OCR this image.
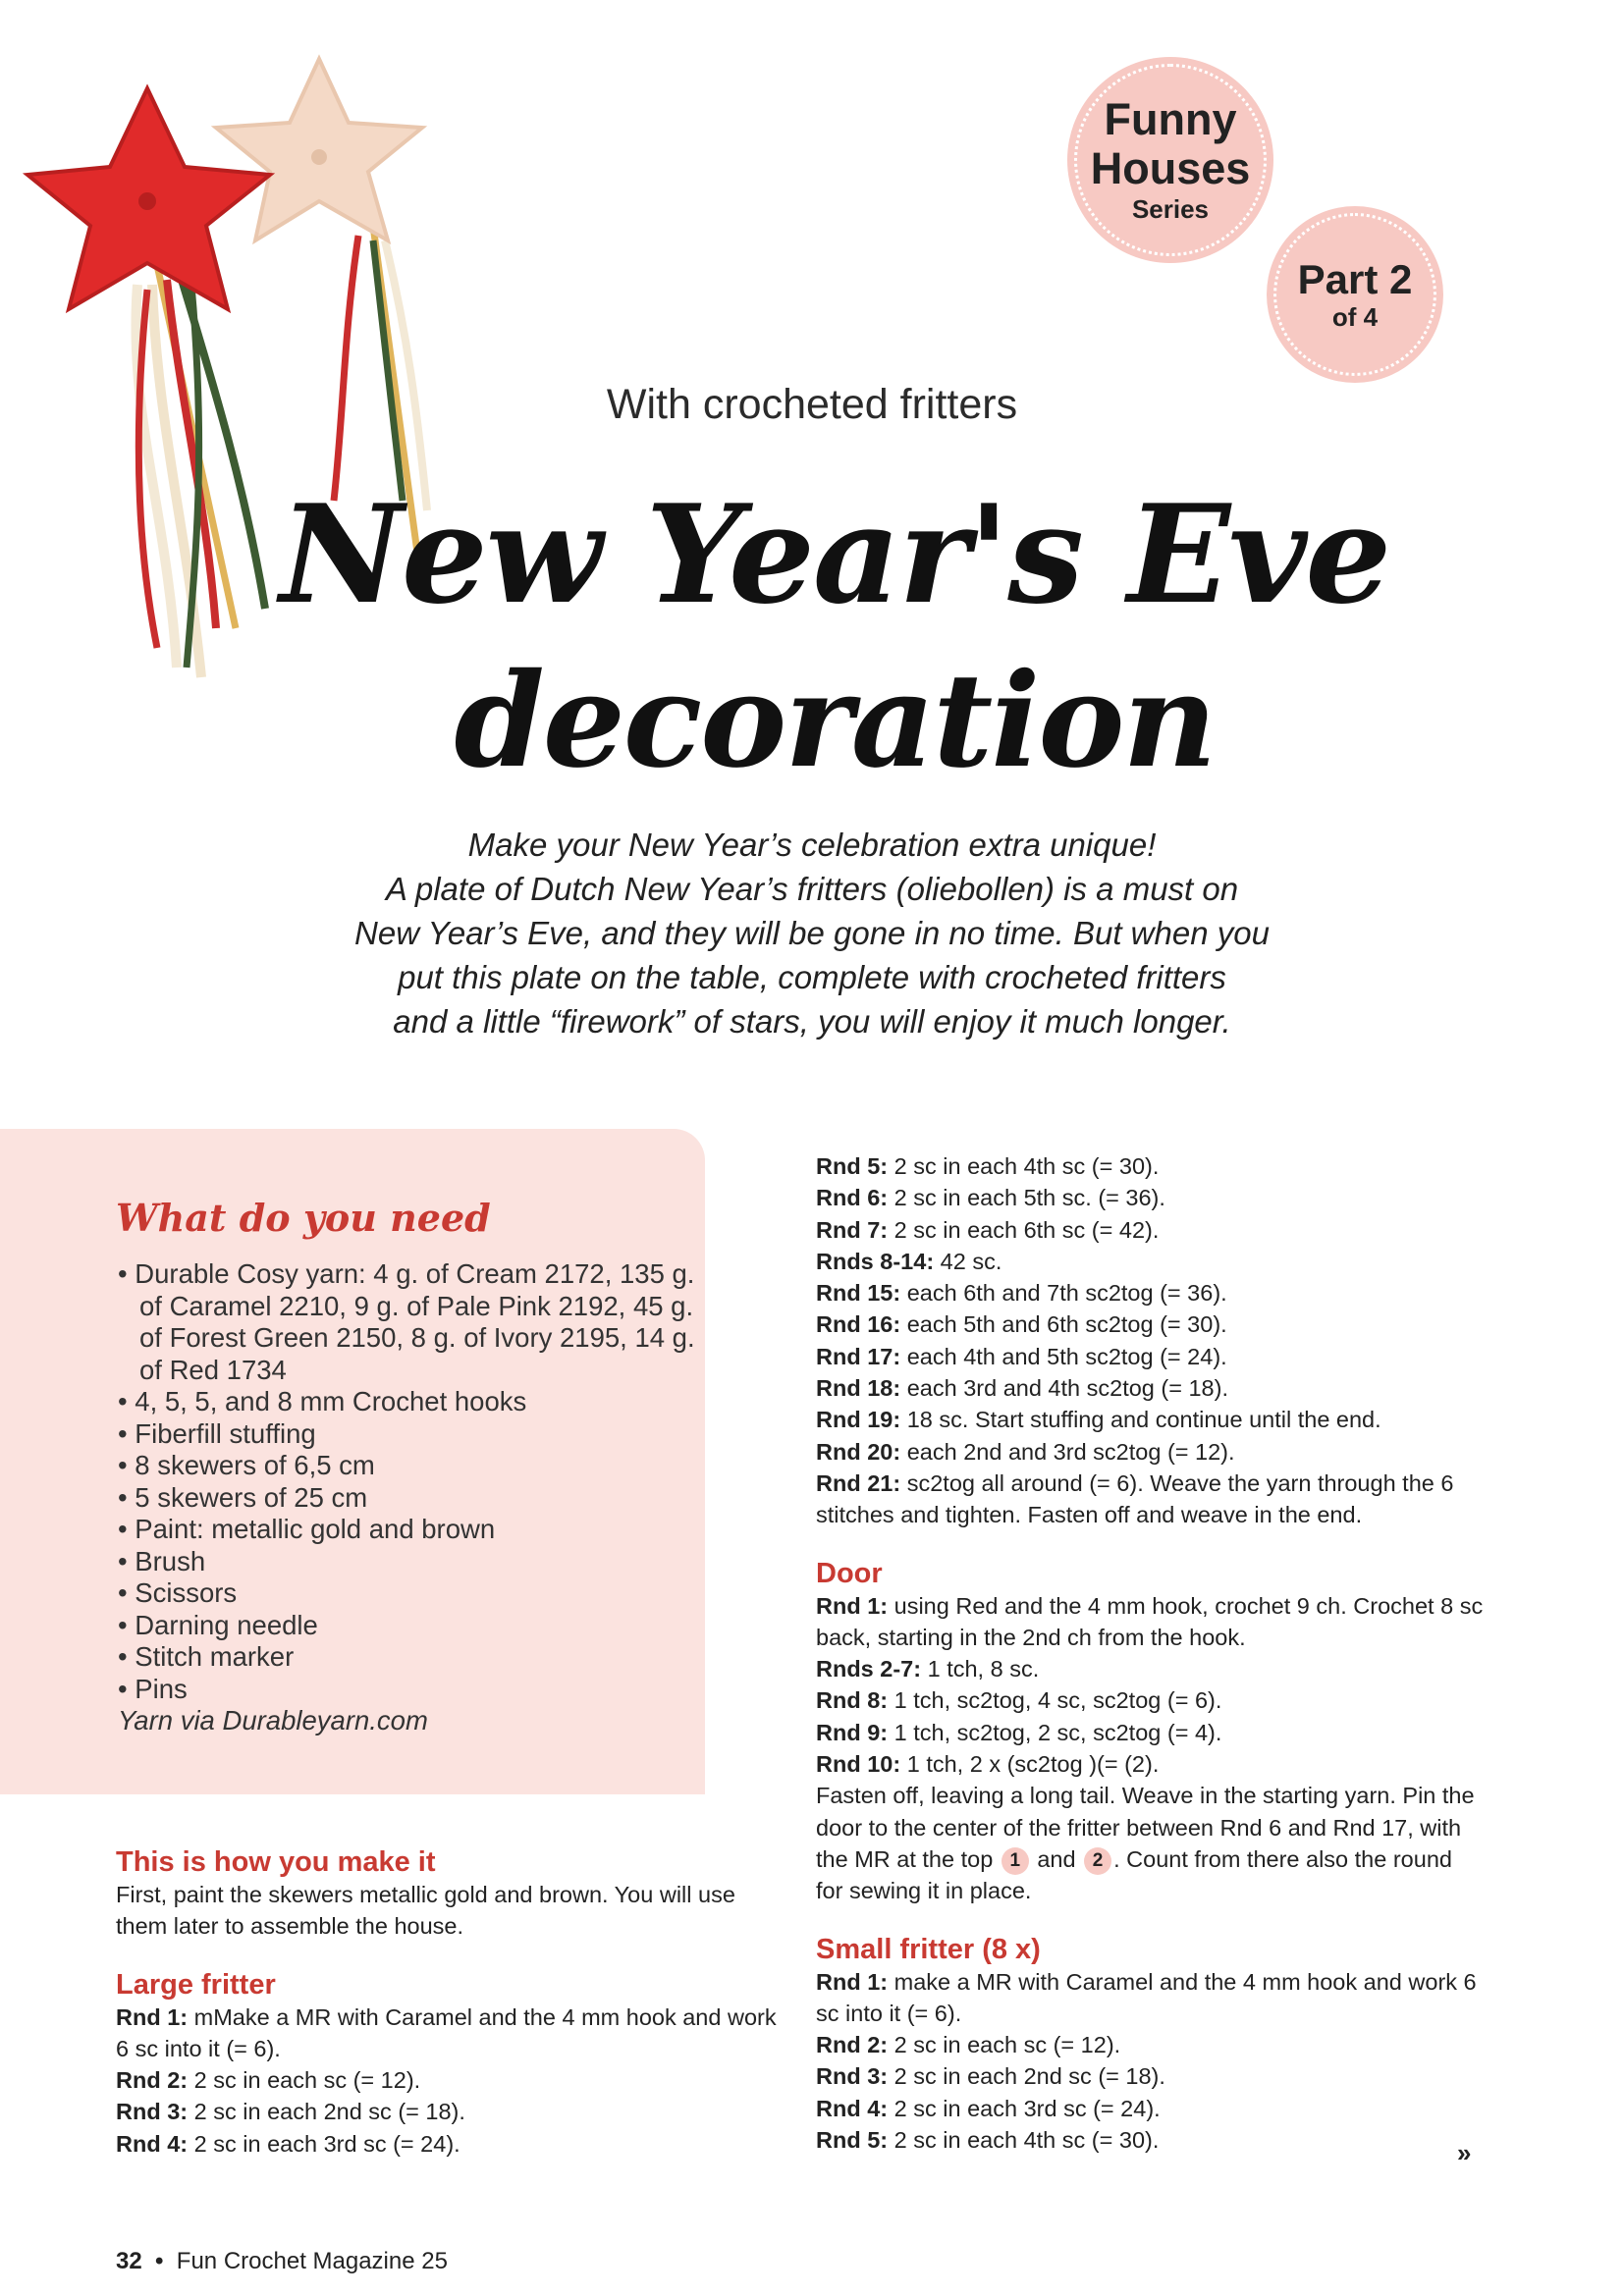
Funny
Houses
Series
Part 2
of 4
With crocheted fritters
New Year's Eve
decoration
Make your New Year’s celebration extra unique!
A plate of Dutch New Year’s fritters (oliebollen) is a must on
New Year’s Eve, and they will be gone in no time. But when you
put this plate on the table, complete with crocheted fritters
and a little “firework” of stars, you will enjoy it much longer.
What do you need
• Durable Cosy yarn: 4 g. of Cream 2172, 135 g. of Caramel 2210, 9 g. of Pale Pink 2192, 45 g. of Forest Green 2150, 8 g. of Ivory 2195, 14 g. of Red 1734
• 4, 5, 5, and 8 mm Crochet hooks
• Fiberfill stuffing
• 8 skewers of 6,5 cm
• 5 skewers of 25 cm
• Paint: metallic gold and brown
• Brush
• Scissors
• Darning needle
• Stitch marker
• Pins
Yarn via Durableyarn.com

This is how you make it

First, paint the skewers metallic gold and brown. You will use them later to assemble the house.

Large fritter

Rnd 1: mMake a MR with Caramel and the 4 mm hook and work 6 sc into it (= 6).

Rnd 2: 2 sc in each sc (= 12).

Rnd 3: 2 sc in each 2nd sc (= 18).

Rnd 4: 2 sc in each 3rd sc (= 24).

Rnd 5: 2 sc in each 4th sc (= 30).

Rnd 6: 2 sc in each 5th sc. (= 36).

Rnd 7: 2 sc in each 6th sc (= 42).

Rnds 8-14: 42 sc.

Rnd 15: each 6th and 7th sc2tog (= 36).

Rnd 16: each 5th and 6th sc2tog (= 30).

Rnd 17: each 4th and 5th sc2tog (= 24).

Rnd 18: each 3rd and 4th sc2tog (= 18).

Rnd 19: 18 sc. Start stuffing and continue until the end.

Rnd 20: each 2nd and 3rd sc2tog (= 12).

Rnd 21: sc2tog all around (= 6). Weave the yarn through the 6 stitches and tighten. Fasten off and weave in the end.

Door

Rnd 1: using Red and the 4 mm hook, crochet 9 ch. Crochet 8 sc back, starting in the 2nd ch from the hook.

Rnds 2-7: 1 tch, 8 sc.

Rnd 8: 1 tch, sc2tog, 4 sc, sc2tog (= 6).

Rnd 9: 1 tch, sc2tog, 2 sc, sc2tog (= 4).

Rnd 10: 1 tch, 2 x (sc2tog )(= (2).

Fasten off, leaving a long tail. Weave in the starting yarn. Pin the door to the center of the fritter between Rnd 6 and Rnd 17, with the MR at the top 1 and 2 . Count from there also the round for sewing it in place.

Small fritter (8 x)

Rnd 1: make a MR with Caramel and the 4 mm hook and work 6 sc into it (= 6).

Rnd 2: 2 sc in each sc (= 12).

Rnd 3: 2 sc in each 2nd sc (= 18).

Rnd 4: 2 sc in each 3rd sc (= 24).

Rnd 5: 2 sc in each 4th sc (= 30).	»
32 • Fun Crochet Magazine 25
